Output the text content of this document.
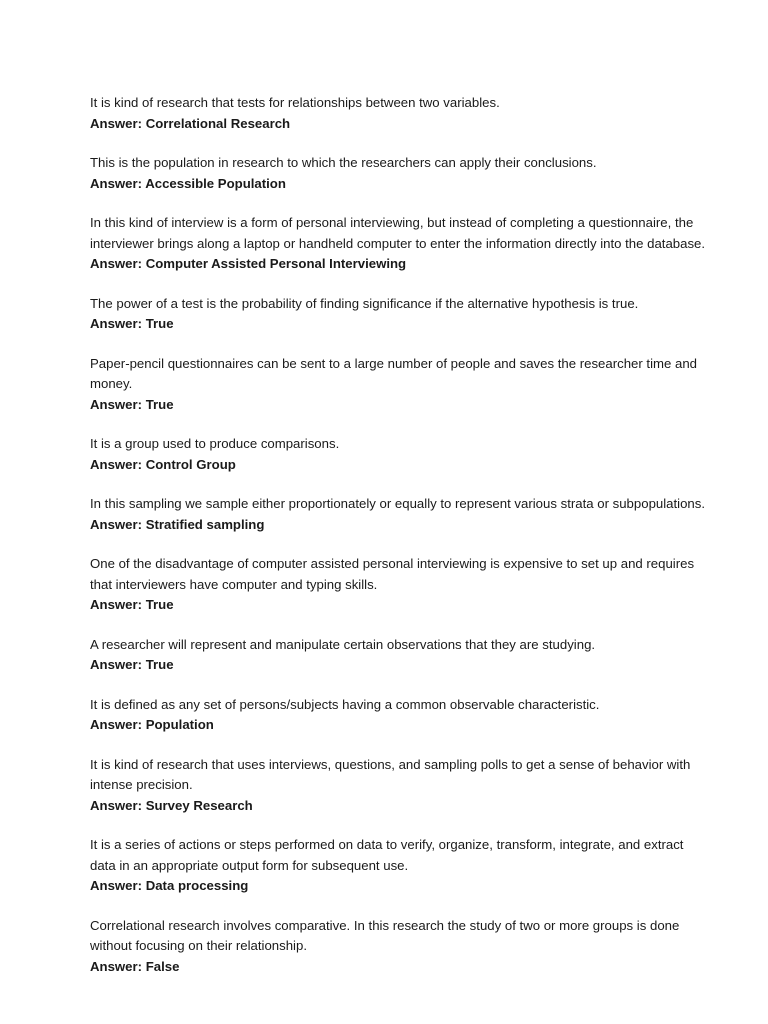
It is kind of research that tests for relationships between two variables.

Answer: Correlational Research

This is the population in research to which the researchers can apply their conclusions.

Answer: Accessible Population

In this kind of interview is a form of personal interviewing, but instead of completing a questionnaire, the interviewer brings along a laptop or handheld computer to enter the information directly into the database.

Answer: Computer Assisted Personal Interviewing

The power of a test is the probability of finding significance if the alternative hypothesis is true.

Answer: True

Paper-pencil questionnaires can be sent to a large number of people and saves the researcher time and money.

Answer: True

It is a group used to produce comparisons.

Answer: Control Group

In this sampling we sample either proportionately or equally to represent various strata or subpopulations.

Answer: Stratified sampling

One of the disadvantage of computer assisted personal interviewing is expensive to set up and requires that interviewers have computer and typing skills.

Answer: True

A researcher will represent and manipulate certain observations that they are studying.

Answer: True

It is defined as any set of persons/subjects having a common observable characteristic.

Answer: Population

It is kind of research that uses interviews, questions, and sampling polls to get a sense of behavior with intense precision.

Answer: Survey Research

It is a series of actions or steps performed on data to verify, organize, transform, integrate, and extract data in an appropriate output form for subsequent use.

Answer: Data processing

Correlational research involves comparative. In this research the study of two or more groups is done without focusing on their relationship.

Answer: False
